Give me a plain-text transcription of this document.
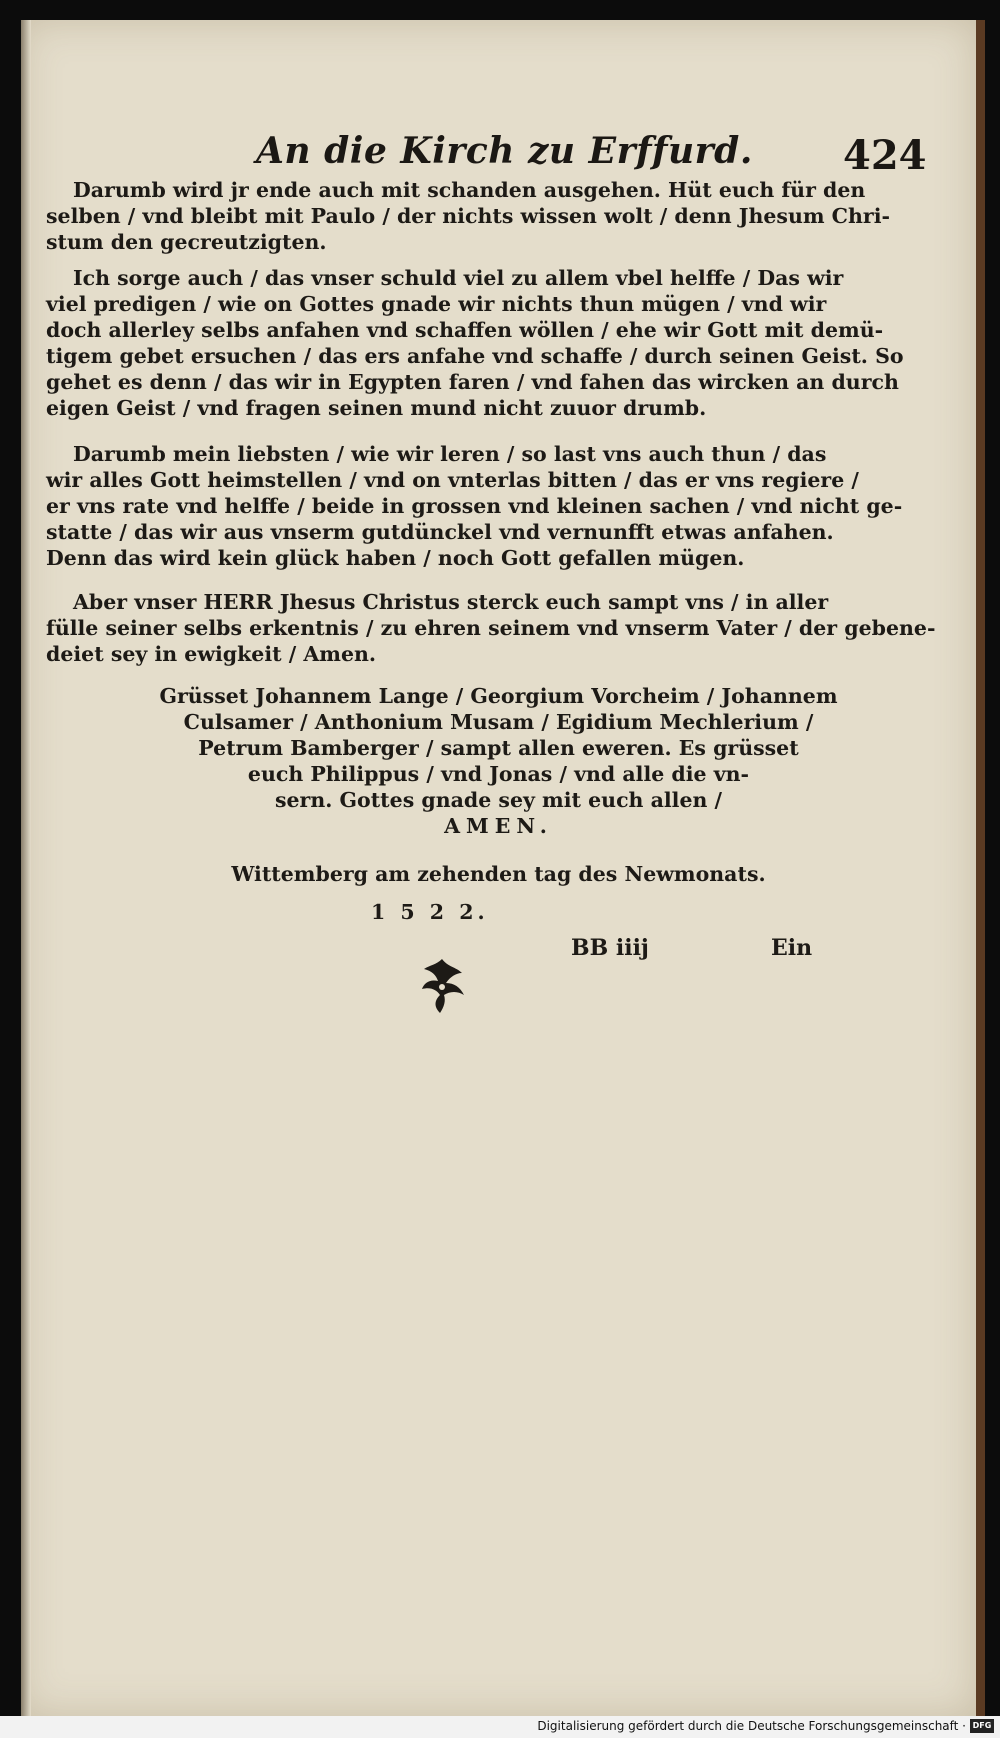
An die Kirch zu Erffurd. 424
Darumb wird jr ende auch mit schanden ausgehen. Hüt euch für den
selben / vnd bleibt mit Paulo / der nichts wissen wolt / denn Jhesum Chri-
stum den gecreutzigten.
Ich sorge auch / das vnser schuld viel zu allem vbel helffe / Das wir
viel predigen / wie on Gottes gnade wir nichts thun mügen / vnd wir
doch allerley selbs anfahen vnd schaffen wöllen / ehe wir Gott mit demü-
tigem gebet ersuchen / das ers anfahe vnd schaffe / durch seinen Geist. So
gehet es denn / das wir in Egypten faren / vnd fahen das wircken an durch
eigen Geist / vnd fragen seinen mund nicht zuuor drumb.
Darumb mein liebsten / wie wir leren / so last vns auch thun / das
wir alles Gott heimstellen / vnd on vnterlas bitten / das er vns regiere /
er vns rate vnd helffe / beide in grossen vnd kleinen sachen / vnd nicht ge-
statte / das wir aus vnserm gutdünckel vnd vernunfft etwas anfahen.
Denn das wird kein glück haben / noch Gott gefallen mügen.
Aber vnser HERR Jhesus Christus sterck euch sampt vns / in aller
fülle seiner selbs erkentnis / zu ehren seinem vnd vnserm Vater / der gebene-
deiet sey in ewigkeit / Amen.
Grüsset Johannem Lange / Georgium Vorcheim / Johannem
Culsamer / Anthonium Musam / Egidium Mechlerium /
Petrum Bamberger / sampt allen eweren. Es grüsset
euch Philippus / vnd Jonas / vnd alle die vn-
sern. Gottes gnade sey mit euch allen /
AMEN.
Wittemberg am zehenden tag des Newmonats.
1 5 2 2.
BB iiij	Ein
Digitalisierung gefördert durch die Deutsche Forschungsgemeinschaft · DFG
